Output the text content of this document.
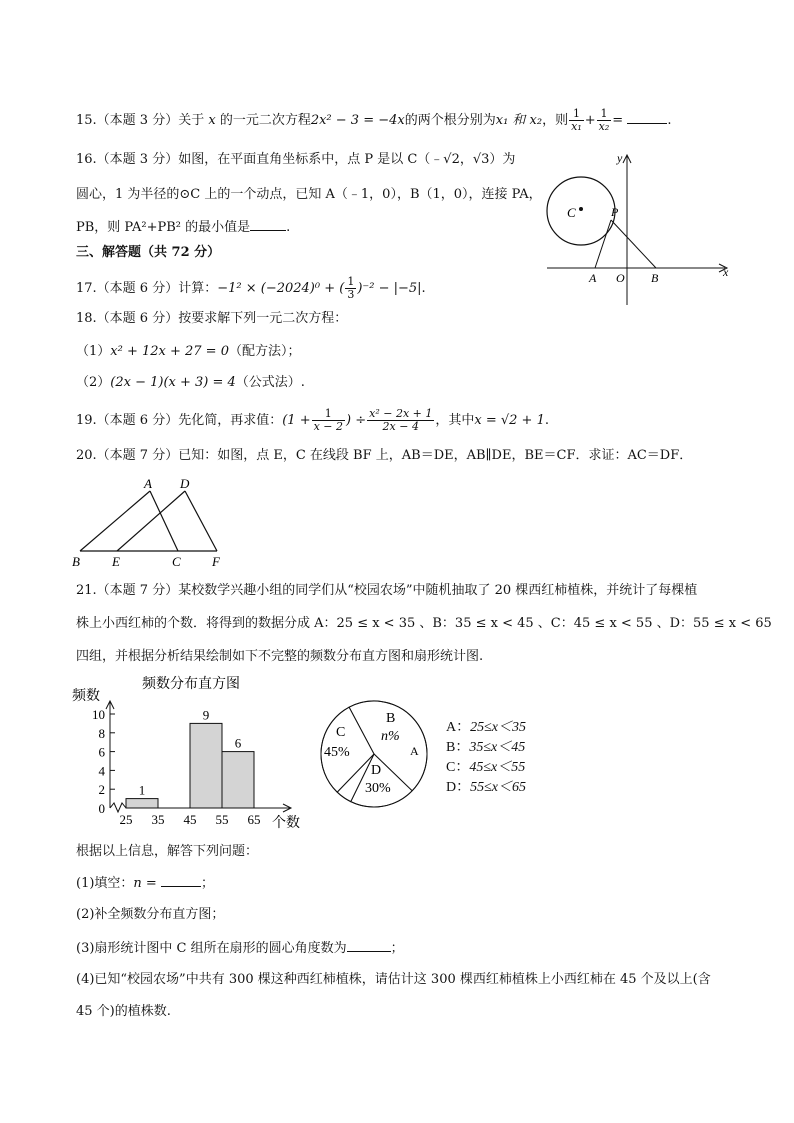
15.（本题 3 分）关于 x 的一元二次方程2x² − 3 = −4x的两个根分别为x₁ 和 x₂，则 $\frac{1}{\text{x₁}} + \frac{1}{\text{x₂}}$ =	.
16.（本题 3 分）如图，在平面直角坐标系中，点 P 是以 C（﹣√2，√3）为
圆心，1 为半径的⊙C 上的一个动点，已知 A（﹣1，0），B（1，0），连接 PA，
PB，则 PA²+PB² 的最小值是	.
y
x
C	P
A O B
三、解答题（共 72 分）
17.（本题 6 分）计算：−1² × (−2024)⁰ + ( $\frac{1}{3} )^{-2} - |-5|$.
18.（本题 6 分）按要求解下列一元二次方程：
（1）x² + 12x + 27 = 0（配方法）；
（2）(2x − 1)(x + 3) = 4（公式法）.
19.（本题 6 分）先化简，再求值：($1 + \frac{1}{x - 2}$ ) ÷ $\frac{\text{x² − 2x + 1}}{2x - 4}$ ，其中x = √2 + 1.
20.（本题 7 分）已知：如图，点 E，C 在线段 BF 上，AB＝DE，AB∥DE，BE＝CF．求证：AC＝DF．
A D
B E	C F
21.（本题 7 分）某校数学兴趣小组的同学们从“校园农场”中随机抽取了 20 棵西红柿植株，并统计了每棵植
株上小西红柿的个数．将得到的数据分成 A：25 ≤ x < 35 、B：35 ≤ x < 45 、C：45 ≤ x < 55 、D：55 ≤ x < 65
四组，并根据分析结果绘制如下不完整的频数分布直方图和扇形统计图.
频数分布直方图
频数
个数
1
9
6
25 35 45 55 65
0
2
4
6
8
10
C
45%
B
n%
A
D
30%
A：25≤x＜35
B：35≤x＜45
C：45≤x＜55
D：55≤x＜65
根据以上信息，解答下列问题：
(1)填空：n =	；
(2)补全频数分布直方图；
(3)扇形统计图中 C 组所在扇形的圆心角度数为	；
(4)已知“校园农场”中共有 300 棵这种西红柿植株，请估计这 300 棵西红柿植株上小西红柿在 45 个及以上(含
45 个)的植株数.
